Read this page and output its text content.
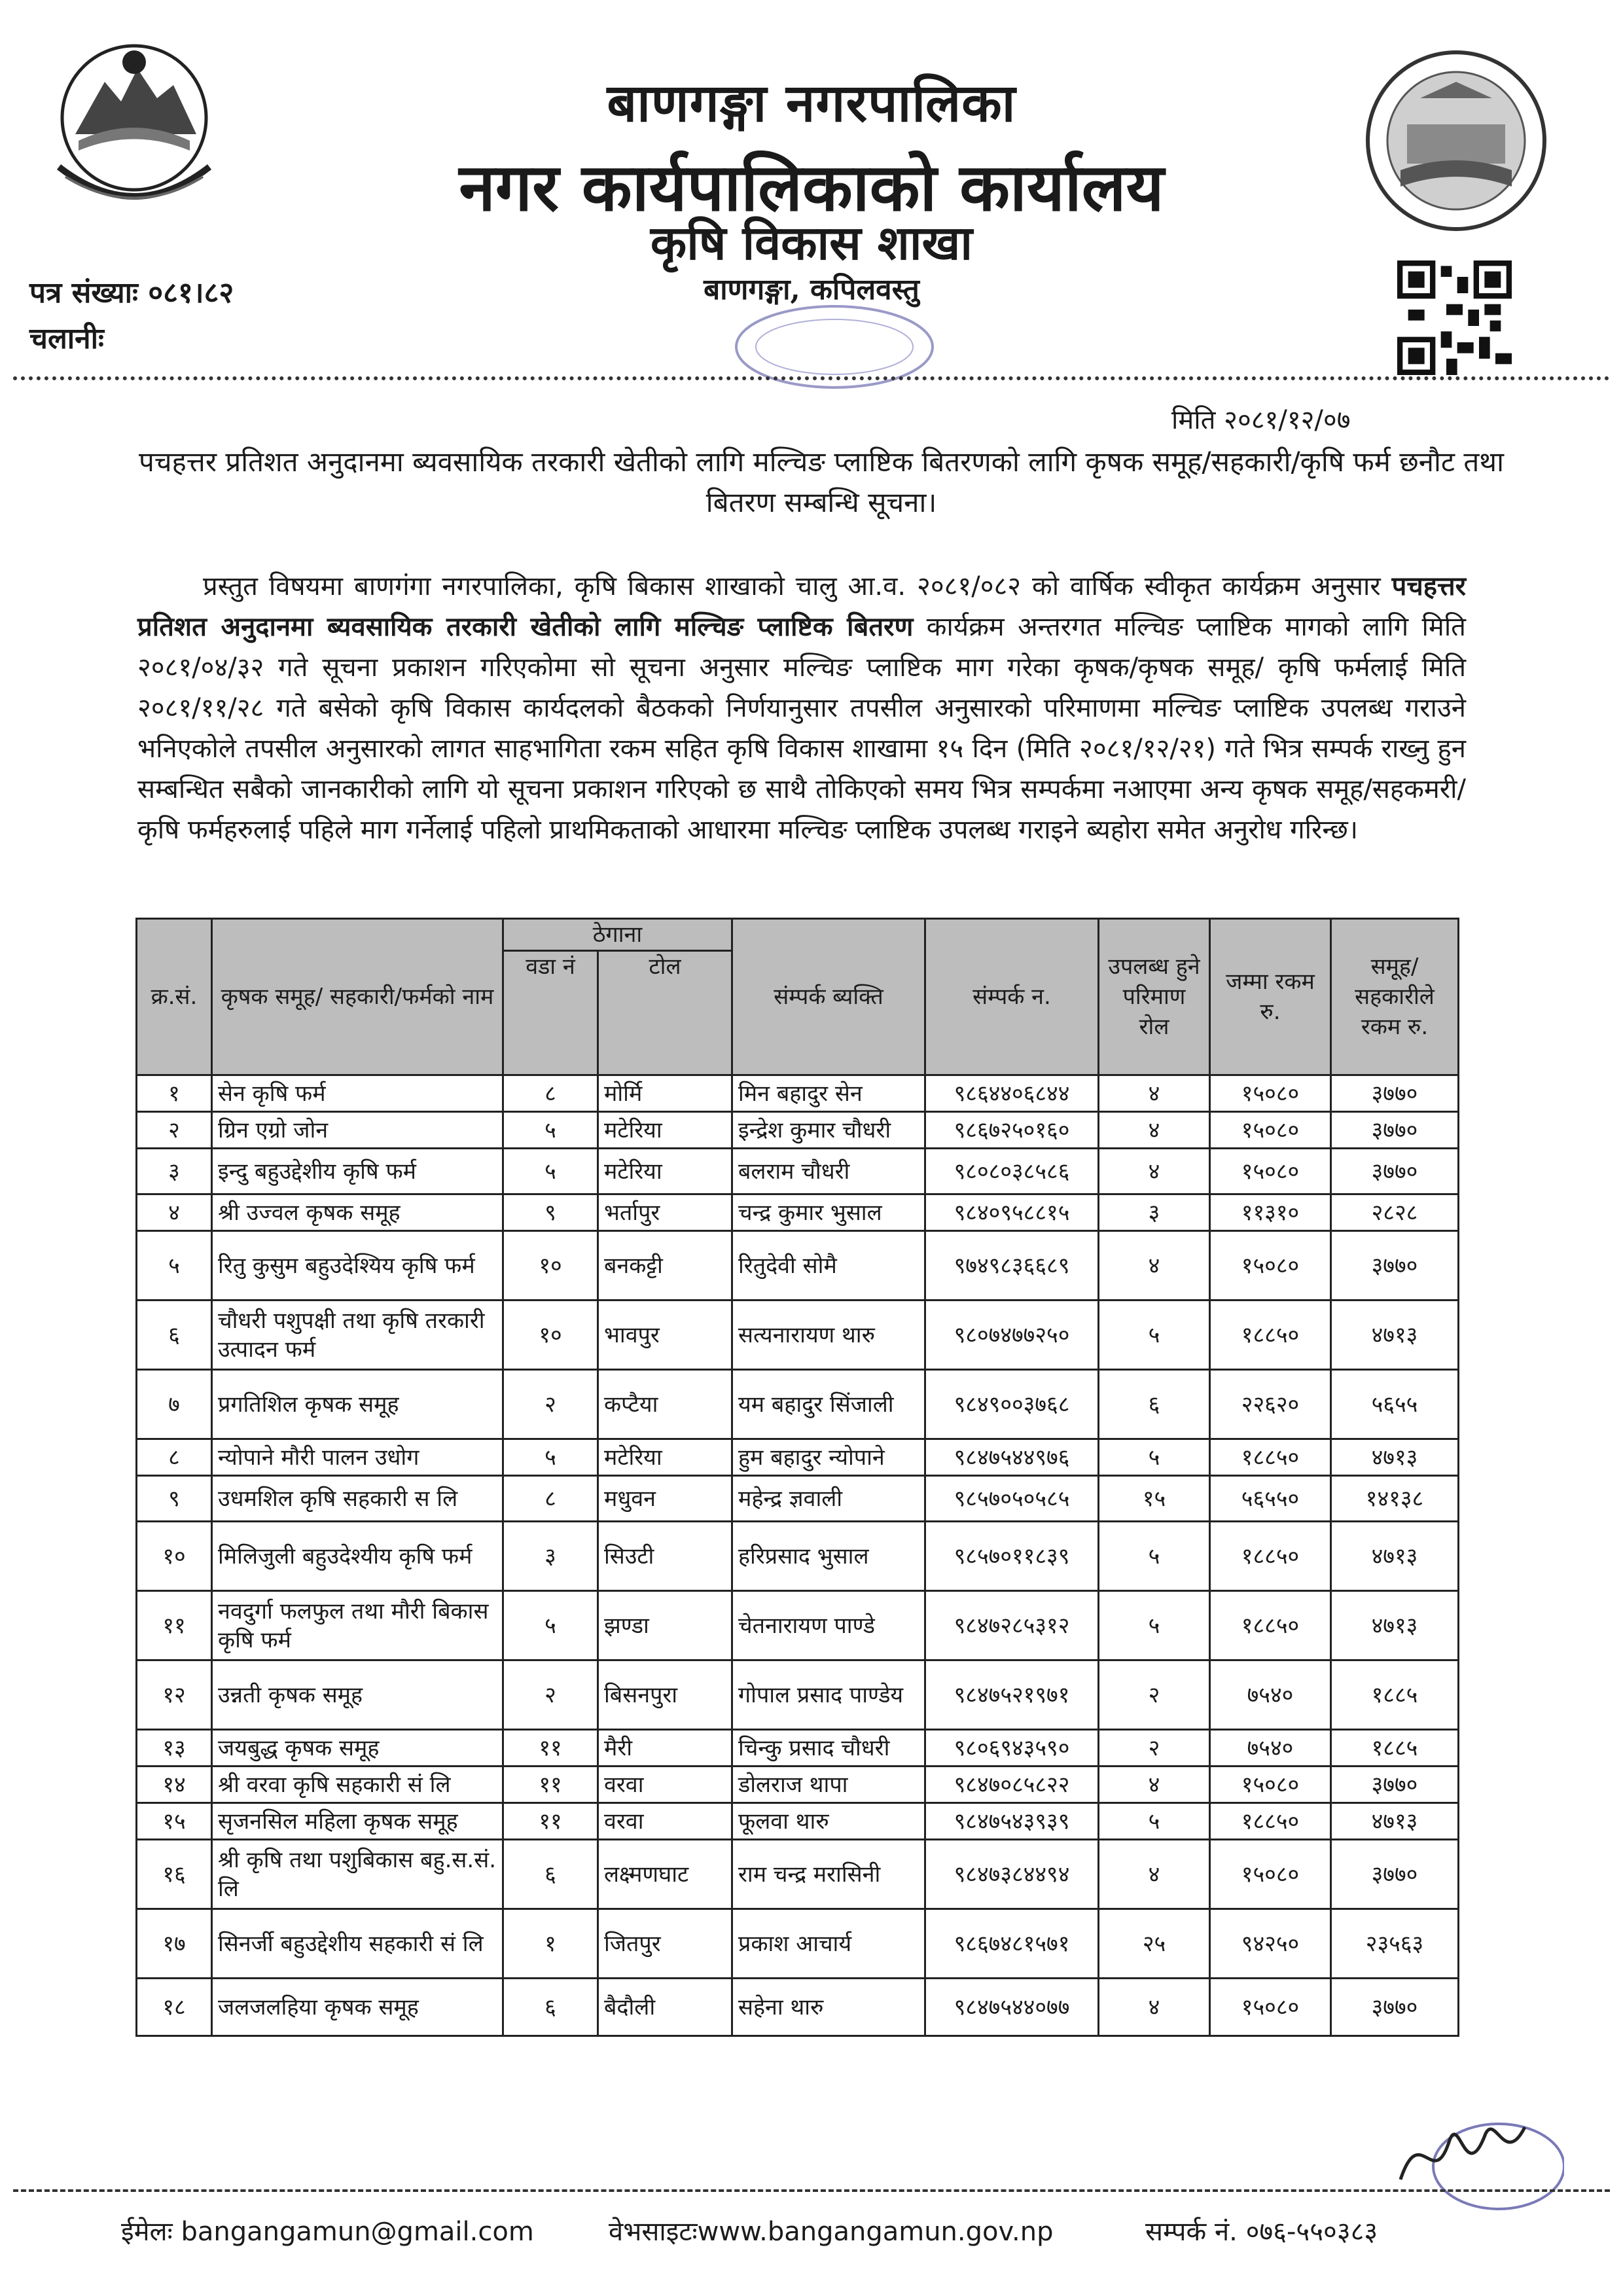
बाणगङ्गा नगरपालिका
नगर कार्यपालिकाको कार्यालय
कृषि विकास शाखा
बाणगङ्गा, कपिलवस्तु
पत्र संख्याः ०८१।८२
चलानीः
मिति २०८१/१२/०७
पचहत्तर प्रतिशत अनुदानमा ब्यवसायिक तरकारी खेतीको लागि मल्चिङ प्लाष्टिक बितरणको लागि कृषक समूह/सहकारी/कृषि फर्म छनौट तथा बितरण सम्बन्धि सूचना।
प्रस्तुत विषयमा बाणगंगा नगरपालिका, कृषि बिकास शाखाको चालु आ.व. २०८१/०८२ को वार्षिक स्वीकृत कार्यक्रम अनुसार पचहत्तर प्रतिशत अनुदानमा ब्यवसायिक तरकारी खेतीको लागि मल्चिङ प्लाष्टिक बितरण कार्यक्रम अन्तरगत मल्चिङ प्लाष्टिक मागको लागि मिति २०८१/०४/३२ गते सूचना प्रकाशन गरिएकोमा सो सूचना अनुसार मल्चिङ प्लाष्टिक माग गरेका कृषक/कृषक समूह/ कृषि फर्मलाई मिति २०८१/११/२८ गते बसेको कृषि विकास कार्यदलको बैठकको निर्णयानुसार तपसील अनुसारको परिमाणमा मल्चिङ प्लाष्टिक उपलब्ध गराउने भनिएकोले तपसील अनुसारको लागत साहभागिता रकम सहित कृषि विकास शाखामा १५ दिन (मिति २०८१/१२/२१) गते भित्र सम्पर्क राख्नु हुन सम्बन्धित सबैको जानकारीको लागि यो सूचना प्रकाशन गरिएको छ साथै तोकिएको समय भित्र सम्पर्कमा नआएमा अन्य कृषक समूह/सहकमरी/ कृषि फर्महरुलाई पहिले माग गर्नेलाई पहिलो प्राथमिकताको आधारमा मल्चिङ प्लाष्टिक उपलब्ध गराइने ब्यहोरा समेत अनुरोध गरिन्छ।
क्र.सं.	कृषक समूह/ सहकारी/फर्मको नाम	ठेगाना		संम्पर्क ब्यक्ति	संम्पर्क न.	उपलब्ध हुने परिमाण रोल	जम्मा रकम रु.	समूह/सहकारीले रकम रु.
		वडा नं	टोल					
१	सेन कृषि फर्म	८	मोर्मि	मिन बहादुर सेन	९८६४४०६८४४	४	१५०८०	३७७०
२	ग्रिन एग्रो जोन	५	मटेरिया	इन्द्रेश कुमार चौधरी	९८६७२५०१६०	४	१५०८०	३७७०
३	इन्दु बहुउद्देशीय कृषि फर्म	५	मटेरिया	बलराम चौधरी	९८०८०३८५८६	४	१५०८०	३७७०
४	श्री उज्वल कृषक समूह	९	भर्तापुर	चन्द्र कुमार भुसाल	९८४०९५८८१५	३	११३१०	२८२८
५	रितु कुसुम बहुउदेश्यिय कृषि फर्म	१०	बनकट्टी	रितुदेवी सोमै	९७४९८३६६८९	४	१५०८०	३७७०
६	चौधरी पशुपक्षी तथा कृषि तरकारी उत्पादन फर्म	१०	भावपुर	सत्यनारायण थारु	९८०७४७७२५०	५	१८८५०	४७१३
७	प्रगतिशिल कृषक समूह	२	कप्टैया	यम बहादुर सिंजाली	९८४९००३७६८	६	२२६२०	५६५५
८	न्योपाने मौरी पालन उधोग	५	मटेरिया	हुम बहादुर न्योपाने	९८४७५४४९७६	५	१८८५०	४७१३
९	उधमशिल कृषि सहकारी स लि	८	मधुवन	महेन्द्र ज्ञवाली	९८५७०५०५८५	१५	५६५५०	१४१३८
१०	मिलिजुली बहुउदेश्यीय कृषि फर्म	३	सिउटी	हरिप्रसाद भुसाल	९८५७०११८३९	५	१८८५०	४७१३
११	नवदुर्गा फलफुल तथा मौरी बिकास कृषि फर्म	५	झण्डा	चेतनारायण पाण्डे	९८४७२८५३१२	५	१८८५०	४७१३
१२	उन्नती कृषक समूह	२	बिसनपुरा	गोपाल प्रसाद पाण्डेय	९८४७५२१९७१	२	७५४०	१८८५
१३	जयबुद्ध कृषक समूह	११	मैरी	चिन्कु प्रसाद चौधरी	९८०६९४३५९०	२	७५४०	१८८५
१४	श्री वरवा कृषि सहकारी सं लि	११	वरवा	डोलराज थापा	९८४७०८५८२२	४	१५०८०	३७७०
१५	सृजनसिल महिला कृषक समूह	११	वरवा	फूलवा थारु	९८४७५४३९३९	५	१८८५०	४७१३
१६	श्री कृषि तथा पशुबिकास बहु.स.सं. लि	६	लक्ष्मणघाट	राम चन्द्र मरासिनी	९८४७३८४४९४	४	१५०८०	३७७०
१७	सिनर्जी बहुउद्देशीय सहकारी सं लि	१	जितपुर	प्रकाश आचार्य	९८६७४८१५७१	२५	९४२५०	२३५६३
१८	जलजलहिया कृषक समूह	६	बैदौली	सहेना थारु	९८४७५४४०७७	४	१५०८०	३७७०
ईमेलः bangangamun@gmail.com	वेभसाइटःwww.bangangamun.gov.np	सम्पर्क नं. ०७६-५५०३८३
